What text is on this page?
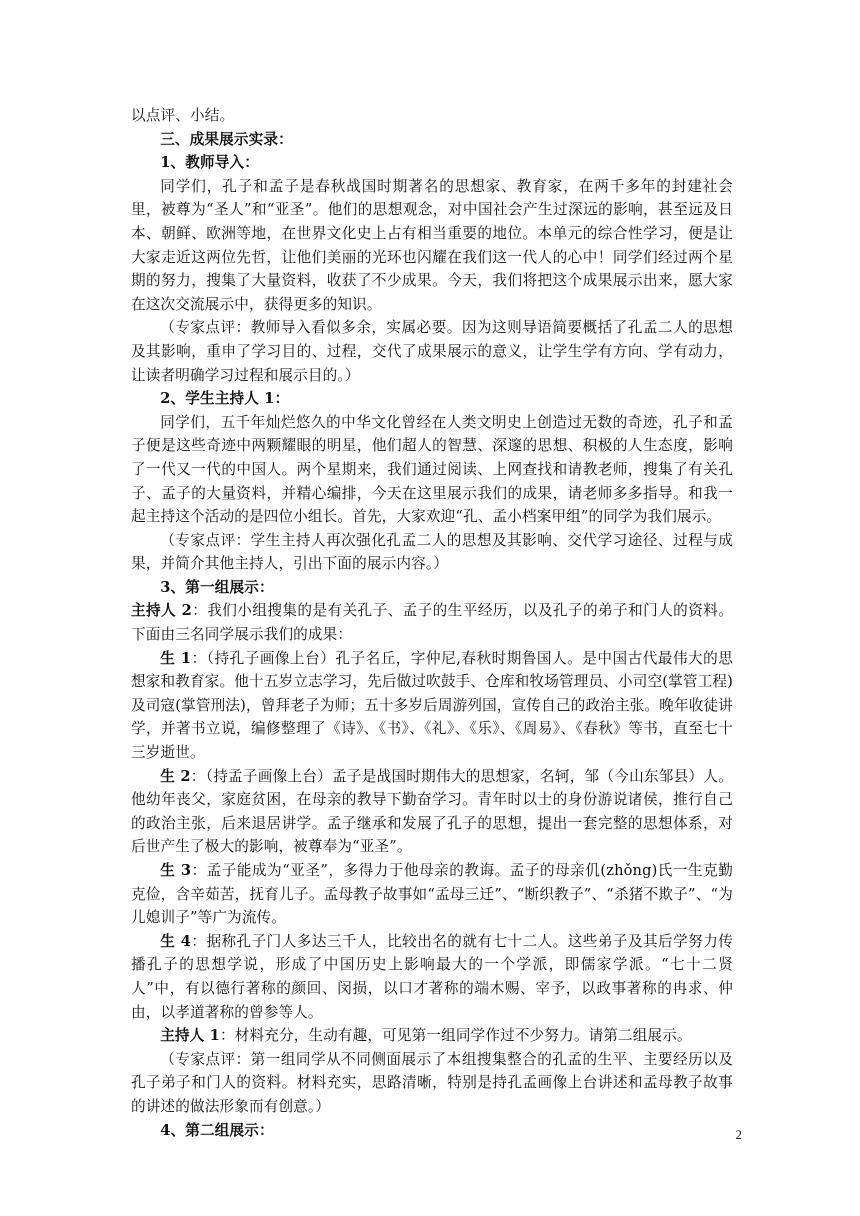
以点评、小结。

三、成果展示实录：

1、教师导入：

同学们，孔子和孟子是春秋战国时期著名的思想家、教育家，在两千多年的封建社会里，被尊为“圣人”和“亚圣”。他们的思想观念，对中国社会产生过深远的影响，甚至远及日本、朝鲜、欧洲等地，在世界文化史上占有相当重要的地位。本单元的综合性学习，便是让大家走近这两位先哲，让他们美丽的光环也闪耀在我们这一代人的心中！同学们经过两个星期的努力，搜集了大量资料，收获了不少成果。今天，我们将把这个成果展示出来，愿大家在这次交流展示中，获得更多的知识。

（专家点评：教师导入看似多余，实属必要。因为这则导语简要概括了孔孟二人的思想及其影响，重申了学习目的、过程，交代了成果展示的意义，让学生学有方向、学有动力，让读者明确学习过程和展示目的。）

2、学生主持人 1：

同学们，五千年灿烂悠久的中华文化曾经在人类文明史上创造过无数的奇迹，孔子和孟子便是这些奇迹中两颗耀眼的明星，他们超人的智慧、深邃的思想、积极的人生态度，影响了一代又一代的中国人。两个星期来，我们通过阅读、上网查找和请教老师，搜集了有关孔子、孟子的大量资料，并精心编排，今天在这里展示我们的成果，请老师多多指导。和我一起主持这个活动的是四位小组长。首先，大家欢迎“孔、孟小档案甲组”的同学为我们展示。

（专家点评：学生主持人再次强化孔孟二人的思想及其影响、交代学习途径、过程与成果，并简介其他主持人，引出下面的展示内容。）

3、第一组展示：

主持人 2：我们小组搜集的是有关孔子、孟子的生平经历，以及孔子的弟子和门人的资料。下面由三名同学展示我们的成果：

生 1：（持孔子画像上台）孔子名丘，字仲尼,春秋时期鲁国人。是中国古代最伟大的思想家和教育家。他十五岁立志学习，先后做过吹鼓手、仓库和牧场管理员、小司空(掌管工程)及司寇(掌管刑法)，曾拜老子为师；五十多岁后周游列国，宣传自己的政治主张。晚年收徒讲学，并著书立说，编修整理了《诗》、《书》、《礼》、《乐》、《周易》、《春秋》等书，直至七十三岁逝世。

生 2：（持孟子画像上台）孟子是战国时期伟大的思想家，名轲，邹（今山东邹县）人。他幼年丧父，家庭贫困，在母亲的教导下勤奋学习。青年时以士的身份游说诸侯，推行自己的政治主张，后来退居讲学。孟子继承和发展了孔子的思想，提出一套完整的思想体系，对后世产生了极大的影响，被尊奉为“亚圣”。

生 3：孟子能成为“亚圣”，多得力于他母亲的教诲。孟子的母亲仉(zhǒng)氏一生克勤克俭，含辛茹苦，抚育儿子。孟母教子故事如“孟母三迁”、“断织教子”、“杀猪不欺子”、“为儿媳训子”等广为流传。

生 4：据称孔子门人多达三千人，比较出名的就有七十二人。这些弟子及其后学努力传播孔子的思想学说，形成了中国历史上影响最大的一个学派，即儒家学派。“七十二贤人”中，有以德行著称的颜回、闵损，以口才著称的端木赐、宰予，以政事著称的冉求、仲由，以孝道著称的曾参等人。

主持人 1：材料充分，生动有趣，可见第一组同学作过不少努力。请第二组展示。

（专家点评：第一组同学从不同侧面展示了本组搜集整合的孔孟的生平、主要经历以及孔子弟子和门人的资料。材料充实，思路清晰，特别是持孔孟画像上台讲述和孟母教子故事的讲述的做法形象而有创意。）

4、第二组展示：	2
